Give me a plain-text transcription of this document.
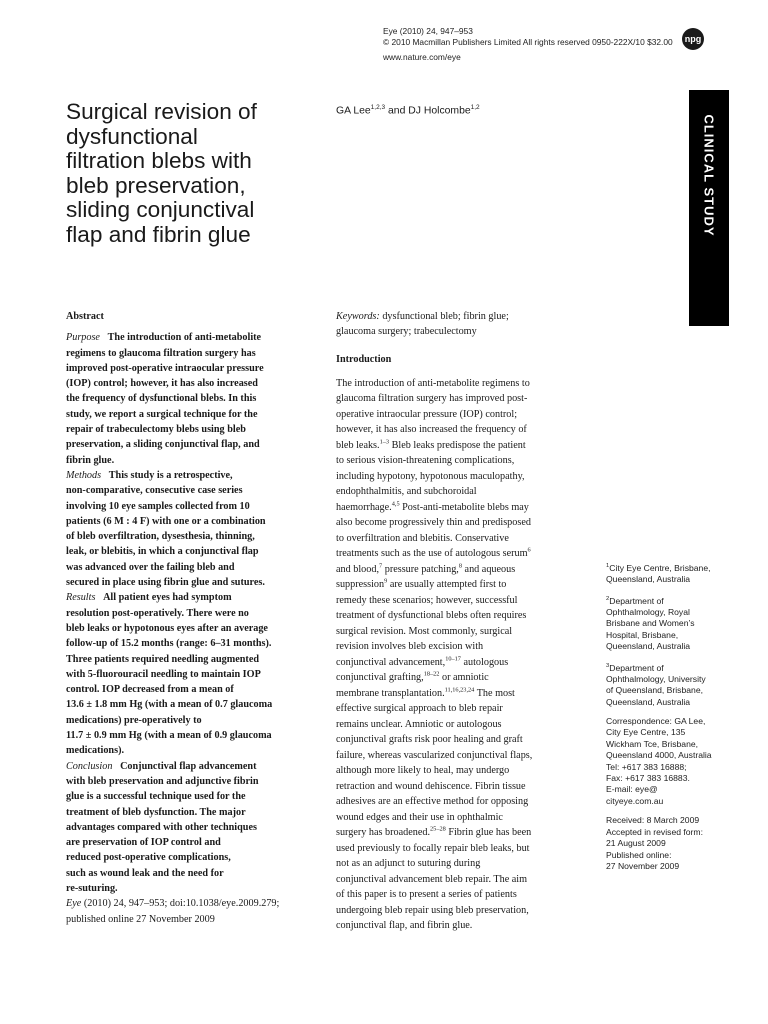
Eye (2010) 24, 947–953
© 2010 Macmillan Publishers Limited All rights reserved 0950-222X/10 $32.00
www.nature.com/eye
npg
Surgical revision of
dysfunctional
filtration blebs with
bleb preservation,
sliding conjunctival
flap and fibrin glue
GA Lee$^{1,2,3}$ and DJ Holcombe$^{1,2}$
CLINICAL STUDY
Abstract

Purpose The introduction of anti-metabolite
regimens to glaucoma filtration surgery has
improved post-operative intraocular pressure
(IOP) control; however, it has also increased
the frequency of dysfunctional blebs. In this
study, we report a surgical technique for the
repair of trabeculectomy blebs using bleb
preservation, a sliding conjunctival flap, and
fibrin glue.

Methods This study is a retrospective,
non-comparative, consecutive case series
involving 10 eye samples collected from 10
patients (6 M : 4 F) with one or a combination
of bleb overfiltration, dysesthesia, thinning,
leak, or blebitis, in which a conjunctival flap
was advanced over the failing bleb and
secured in place using fibrin glue and sutures.

Results All patient eyes had symptom
resolution post-operatively. There were no
bleb leaks or hypotonous eyes after an average
follow-up of 15.2 months (range: 6–31 months).
Three patients required needling augmented
with 5-fluorouracil needling to maintain IOP
control. IOP decreased from a mean of
13.6 ± 1.8 mm Hg (with a mean of 0.7 glaucoma
medications) pre-operatively to
11.7 ± 0.9 mm Hg (with a mean of 0.9 glaucoma
medications).

Conclusion Conjunctival flap advancement
with bleb preservation and adjunctive fibrin
glue is a successful technique used for the
treatment of bleb dysfunction. The major
advantages compared with other techniques
are preservation of IOP control and
reduced post-operative complications,
such as wound leak and the need for
re-suturing.

Eye (2010) 24, 947–953; doi:10.1038/eye.2009.279;
published online 27 November 2009

Keywords: dysfunctional bleb; fibrin glue;
glaucoma surgery; trabeculectomy
Introduction
The introduction of anti-metabolite regimens to
glaucoma filtration surgery has improved post-
operative intraocular pressure (IOP) control;
however, it has also increased the frequency of
bleb leaks.$^{1-3}$ Bleb leaks predispose the patient
to serious vision-threatening complications,
including hypotony, hypotonous maculopathy,
endophthalmitis, and subchoroidal
haemorrhage.$^{4,5}$ Post-anti-metabolite blebs may
also become progressively thin and predisposed
to overfiltration and blebitis. Conservative
treatments such as the use of autologous serum$^6$
and blood,$^7$ pressure patching,$^8$ and aqueous
suppression$^9$ are usually attempted first to
remedy these scenarios; however, successful
treatment of dysfunctional blebs often requires
surgical revision. Most commonly, surgical
revision involves bleb excision with
conjunctival advancement,$^{10-17}$ autologous
conjunctival grafting,$^{18-22}$ or amniotic
membrane transplantation.$^{11,16,23,24}$ The most
effective surgical approach to bleb repair
remains unclear. Amniotic or autologous
conjunctival grafts risk poor healing and graft
failure, whereas vascularized conjunctival flaps,
although more likely to heal, may undergo
retraction and wound dehiscence. Fibrin tissue
adhesives are an effective method for opposing
wound edges and their use in ophthalmic
surgery has broadened.$^{25-28}$ Fibrin glue has been
used previously to focally repair bleb leaks, but
not as an adjunct to suturing during
conjunctival advancement bleb repair. The aim
of this paper is to present a series of patients
undergoing bleb repair using bleb preservation,
conjunctival flap, and fibrin glue.
$^1$City Eye Centre, Brisbane,
Queensland, Australia
$^2$Department of
Ophthalmology, Royal
Brisbane and Women’s
Hospital, Brisbane,
Queensland, Australia
$^3$Department of
Ophthalmology, University
of Queensland, Brisbane,
Queensland, Australia
Correspondence: GA Lee,
City Eye Centre, 135
Wickham Tce, Brisbane,
Queensland 4000, Australia
Tel: +617 383 16888;
Fax: +617 383 16883.
E-mail: eye@
cityeye.com.au
Received: 8 March 2009
Accepted in revised form:
21 August 2009
Published online:
27 November 2009
